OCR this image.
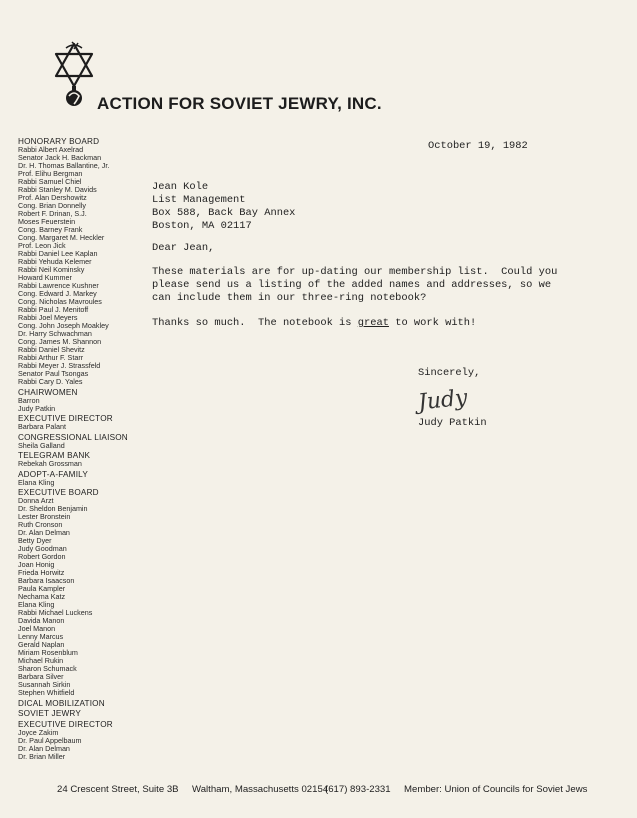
ACTION FOR SOVIET JEWRY, INC.
HONORARY BOARD
Rabbi Albert Axelrad
Senator Jack H. Backman
Dr. H. Thomas Ballantine, Jr.
Prof. Elihu Bergman
Rabbi Samuel Chiel
Rabbi Stanley M. Davids
Prof. Alan Dershowitz
Cong. Brian Donnelly
Robert F. Drinan, S.J.
Moses Feuerstein
Cong. Barney Frank
Cong. Margaret M. Heckler
Prof. Leon Jick
Rabbi Daniel Lee Kaplan
Rabbi Yehuda Kelemer
Rabbi Neil Kominsky
Howard Kummer
Rabbi Lawrence Kushner
Cong. Edward J. Markey
Cong. Nicholas Mavroules
Rabbi Paul J. Menitoff
Rabbi Joel Meyers
Cong. John Joseph Moakley
Dr. Harry Schwachman
Cong. James M. Shannon
Rabbi Daniel Shevitz
Rabbi Arthur F. Starr
Rabbi Meyer J. Strassfeld
Senator Paul Tsongas
Rabbi Cary D. Yales
CHAIRWOMEN
Barron
Judy Patkin
EXECUTIVE DIRECTOR
Barbara Palant
CONGRESSIONAL LIAISON
Sheila Galland
TELEGRAM BANK
Rebekah Grossman
ADOPT-A-FAMILY
Elana Kling
EXECUTIVE BOARD
Donna Arzt
Dr. Sheldon Benjamin
Lester Bronstein
Ruth Cronson
Dr. Alan Delman
Betty Dyer
Judy Goodman
Robert Gordon
Joan Honig
Frieda Horwitz
Barbara Isaacson
Paula Kampler
Nechama Katz
Elana Kling
Rabbi Michael Luckens
Davida Manon
Joel Manon
Lenny Marcus
Gerald Naplan
Miriam Rosenblum
Michael Rukin
Sharon Schumack
Barbara Silver
Susannah Sirkin
Stephen Whitfield
DICAL MOBILIZATION
SOVIET JEWRY
EXECUTIVE DIRECTOR
Joyce Zakim
Dr. Paul Appelbaum
Dr. Alan Delman
Dr. Brian Miller
October 19, 1982
Jean Kole
List Management
Box 588, Back Bay Annex
Boston, MA 02117
Dear Jean,
These materials are for up-dating our membership list.  Could you
please send us a listing of the added names and addresses, so we
can include them in our three-ring notebook?
Thanks so much.  The notebook is great to work with!
Sincerely,
Judy Patkin
Judy
24 Crescent Street, Suite 3B Waltham, Massachusetts 02154
(617) 893-2331 Member: Union of Councils for Soviet Jews
